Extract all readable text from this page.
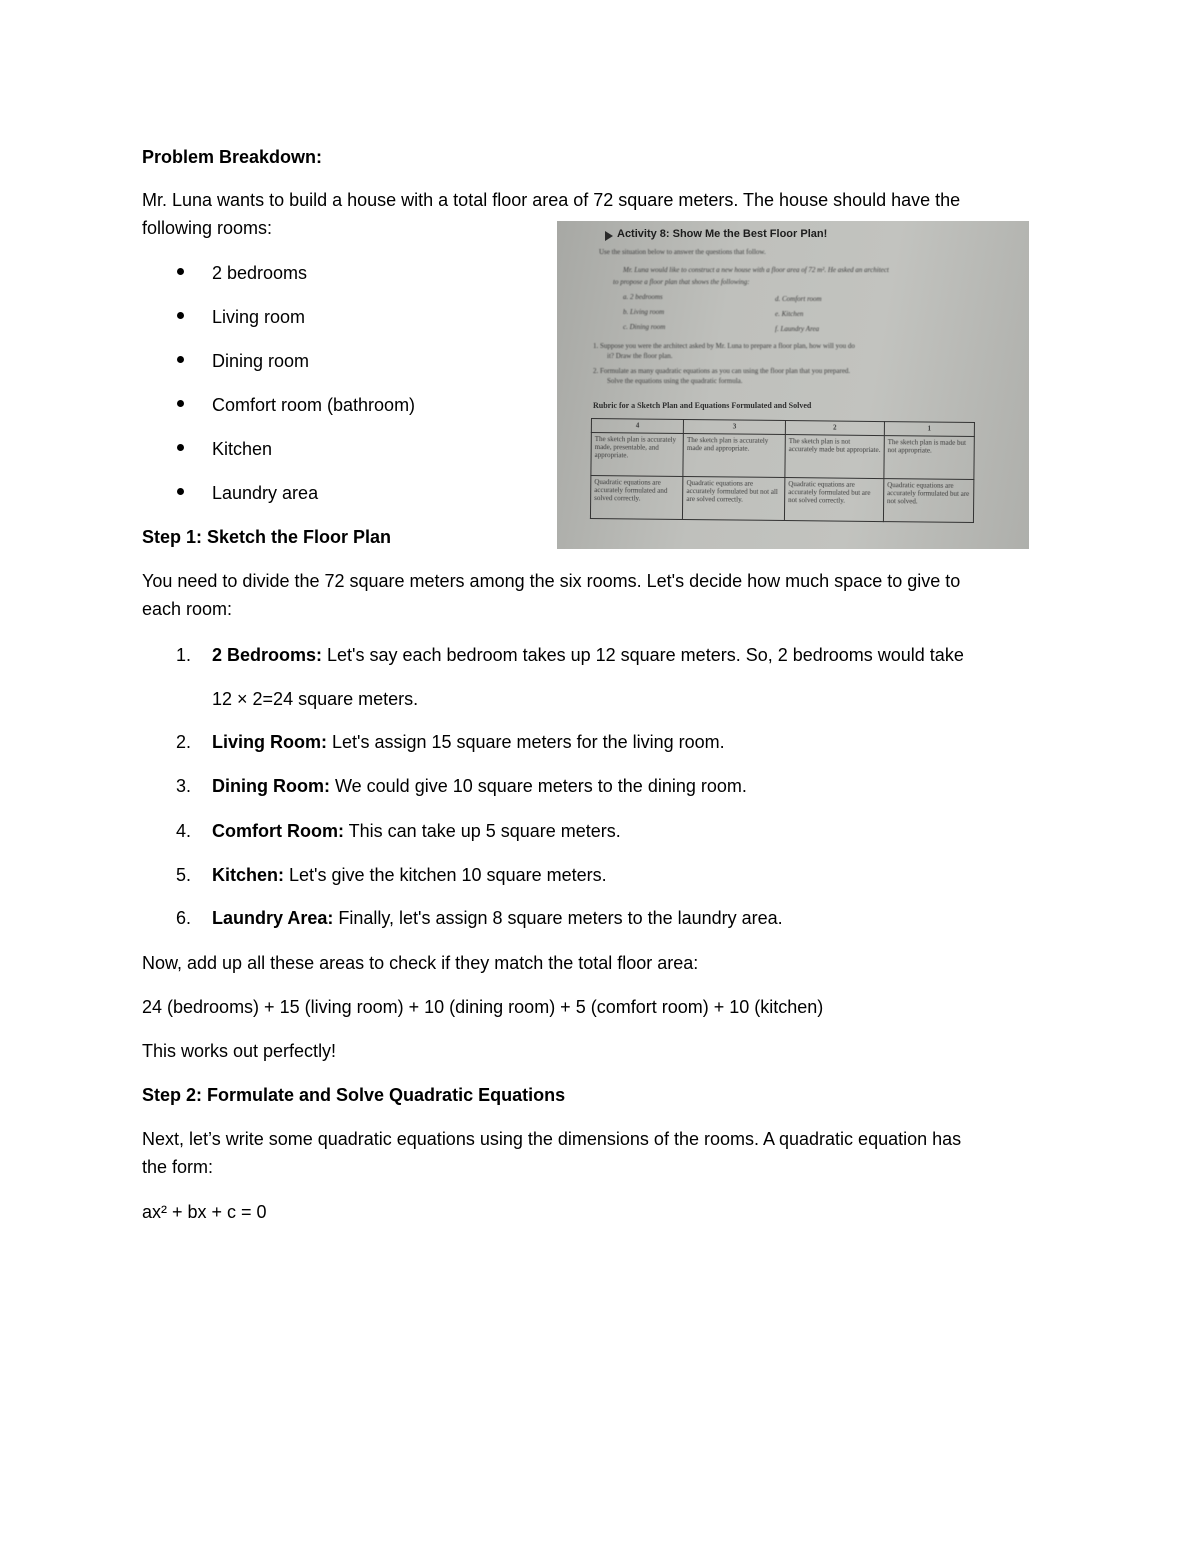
Problem Breakdown:
Mr. Luna wants to build a house with a total floor area of 72 square meters. The house should have the
following rooms:
2 bedrooms
Living room
Dining room
Comfort room (bathroom)
Kitchen
Laundry area
Step 1: Sketch the Floor Plan
You need to divide the 72 square meters among the six rooms. Let's decide how much space to give to
each room:
1. 2 Bedrooms: Let's say each bedroom takes up 12 square meters. So, 2 bedrooms would take
12 × 2=24 square meters.
2. Living Room: Let's assign 15 square meters for the living room.
3. Dining Room: We could give 10 square meters to the dining room.
4. Comfort Room: This can take up 5 square meters.
5. Kitchen: Let's give the kitchen 10 square meters.
6. Laundry Area: Finally, let's assign 8 square meters to the laundry area.
Now, add up all these areas to check if they match the total floor area:
24 (bedrooms) + 15 (living room) + 10 (dining room) + 5 (comfort room) + 10 (kitchen)
This works out perfectly!
Step 2: Formulate and Solve Quadratic Equations
Next, let’s write some quadratic equations using the dimensions of the rooms. A quadratic equation has
the form:
ax² + bx + c = 0
Activity 8: Show Me the Best Floor Plan!
Use the situation below to answer the questions that follow.
Mr. Luna would like to construct a new house with a floor area of 72 m². He asked an architect
to propose a floor plan that shows the following:
a. 2 bedrooms
b. Living room
c. Dining room
d. Comfort room
e. Kitchen
f. Laundry Area
1. Suppose you were the architect asked by Mr. Luna to prepare a floor plan, how will you do
it? Draw the floor plan.
2. Formulate as many quadratic equations as you can using the floor plan that you prepared.
Solve the equations using the quadratic formula.
Rubric for a Sketch Plan and Equations Formulated and Solved
4	3	2	1
The sketch plan is accurately made, presentable, and appropriate.	The sketch plan is accurately made and appropriate.	The sketch plan is not accurately made but appropriate.	The sketch plan is made but not appropriate.
Quadratic equations are accurately formulated and solved correctly.	Quadratic equations are accurately formulated but not all are solved correctly.	Quadratic equations are accurately formulated but are not solved correctly.	Quadratic equations are accurately formulated but are not solved.
